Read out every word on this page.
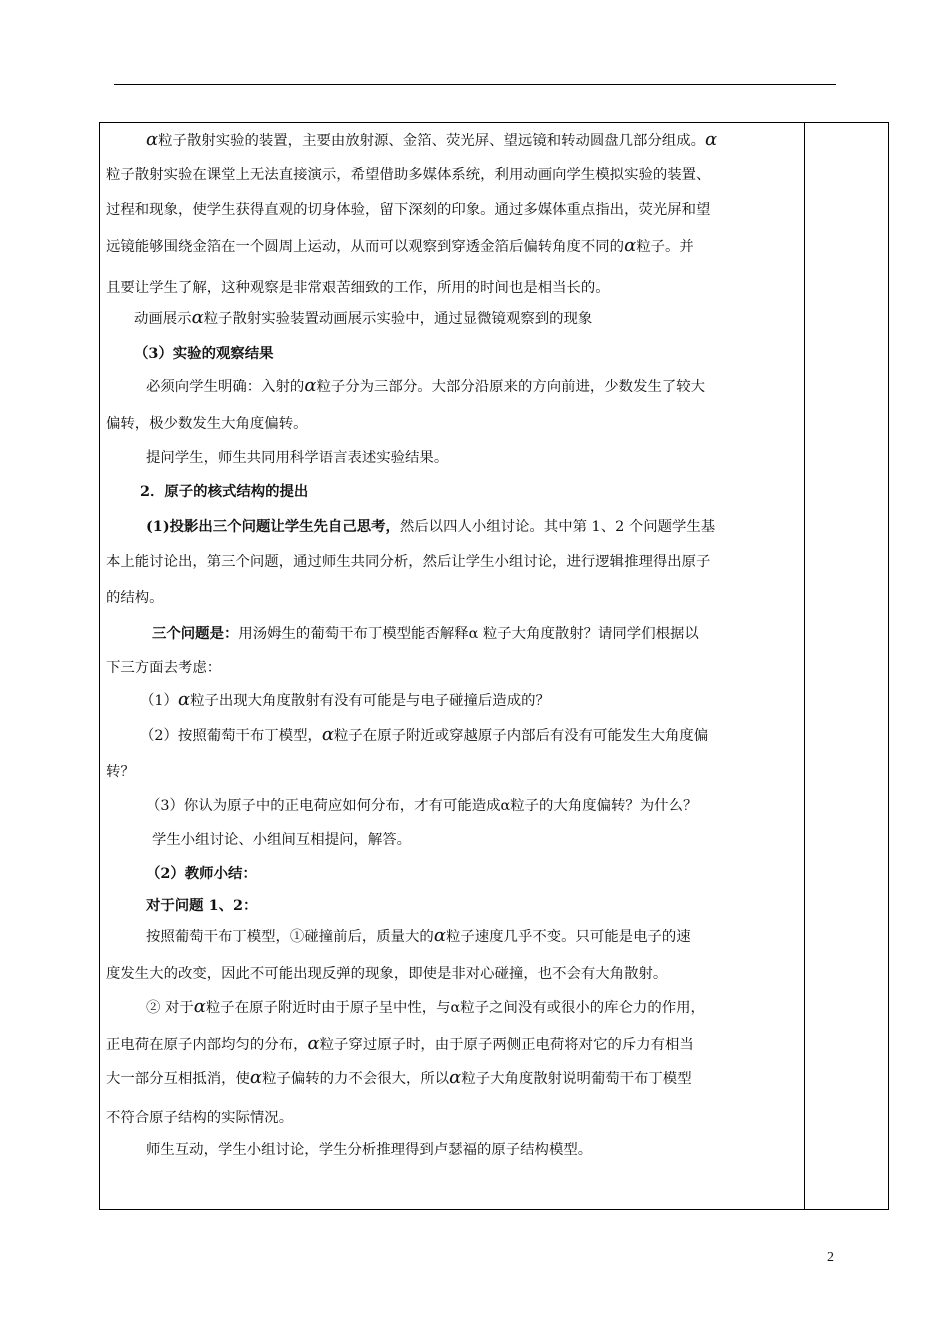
α粒子散射实验的装置，主要由放射源、金箔、荧光屏、望远镜和转动圆盘几部分组成。α
粒子散射实验在课堂上无法直接演示，希望借助多媒体系统，利用动画向学生模拟实验的装置、
过程和现象，使学生获得直观的切身体验，留下深刻的印象。通过多媒体重点指出，荧光屏和望
远镜能够围绕金箔在一个圆周上运动，从而可以观察到穿透金箔后偏转角度不同的α粒子。并
且要让学生了解，这种观察是非常艰苦细致的工作，所用的时间也是相当长的。
动画展示α粒子散射实验装置动画展示实验中，通过显微镜观察到的现象
（3）实验的观察结果
必须向学生明确：入射的α粒子分为三部分。大部分沿原来的方向前进，少数发生了较大
偏转，极少数发生大角度偏转。
提问学生，师生共同用科学语言表述实验结果。
2．原子的核式结构的提出
(1)投影出三个问题让学生先自己思考，然后以四人小组讨论。其中第 1、2 个问题学生基
本上能讨论出，第三个问题，通过师生共同分析，然后让学生小组讨论，进行逻辑推理得出原子
的结构。
三个问题是：用汤姆生的葡萄干布丁模型能否解释α 粒子大角度散射？请同学们根据以
下三方面去考虑：
（1）α粒子出现大角度散射有没有可能是与电子碰撞后造成的？
（2）按照葡萄干布丁模型，α粒子在原子附近或穿越原子内部后有没有可能发生大角度偏
转？
（3）你认为原子中的正电荷应如何分布，才有可能造成α粒子的大角度偏转？为什么？
学生小组讨论、小组间互相提问，解答。
（2）教师小结：
对于问题 1、2：
按照葡萄干布丁模型，①碰撞前后，质量大的α粒子速度几乎不变。只可能是电子的速
度发生大的改变，因此不可能出现反弹的现象，即使是非对心碰撞，也不会有大角散射。
② 对于α粒子在原子附近时由于原子呈中性，与α粒子之间没有或很小的库仑力的作用，
正电荷在原子内部均匀的分布，α粒子穿过原子时，由于原子两侧正电荷将对它的斥力有相当
大一部分互相抵消，使α粒子偏转的力不会很大，所以α粒子大角度散射说明葡萄干布丁模型
不符合原子结构的实际情况。
师生互动，学生小组讨论，学生分析推理得到卢瑟福的原子结构模型。
2
